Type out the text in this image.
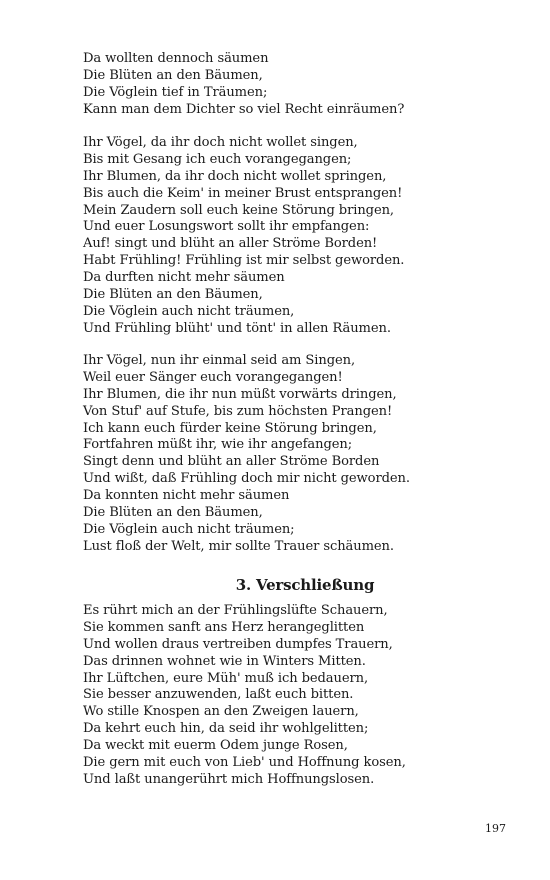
Da wollten dennoch säumen
Die Blüten an den Bäumen,
Die Vöglein tief in Träumen;
Kann man dem Dichter so viel Recht einräumen?
Ihr Vögel, da ihr doch nicht wollet singen,
Bis mit Gesang ich euch vorangegangen;
Ihr Blumen, da ihr doch nicht wollet springen,
Bis auch die Keim' in meiner Brust entsprangen!
Mein Zaudern soll euch keine Störung bringen,
Und euer Losungswort sollt ihr empfangen:
Auf! singt und blüht an aller Ströme Borden!
Habt Frühling! Frühling ist mir selbst geworden.
Da durften nicht mehr säumen
Die Blüten an den Bäumen,
Die Vöglein auch nicht träumen,
Und Frühling blüht' und tönt' in allen Räumen.
Ihr Vögel, nun ihr einmal seid am Singen,
Weil euer Sänger euch vorangegangen!
Ihr Blumen, die ihr nun müßt vorwärts dringen,
Von Stuf' auf Stufe, bis zum höchsten Prangen!
Ich kann euch fürder keine Störung bringen,
Fortfahren müßt ihr, wie ihr angefangen;
Singt denn und blüht an aller Ströme Borden
Und wißt, daß Frühling doch mir nicht geworden.
Da konnten nicht mehr säumen
Die Blüten an den Bäumen,
Die Vöglein auch nicht träumen;
Lust floß der Welt, mir sollte Trauer schäumen.
3. Verschließung
Es rührt mich an der Frühlingslüfte Schauern,
Sie kommen sanft ans Herz herangeglitten
Und wollen draus vertreiben dumpfes Trauern,
Das drinnen wohnet wie in Winters Mitten.
Ihr Lüftchen, eure Müh' muß ich bedauern,
Sie besser anzuwenden, laßt euch bitten.
Wo stille Knospen an den Zweigen lauern,
Da kehrt euch hin, da seid ihr wohlgelitten;
Da weckt mit euerm Odem junge Rosen,
Die gern mit euch von Lieb' und Hoffnung kosen,
Und laßt unangerührt mich Hoffnungslosen.
197
